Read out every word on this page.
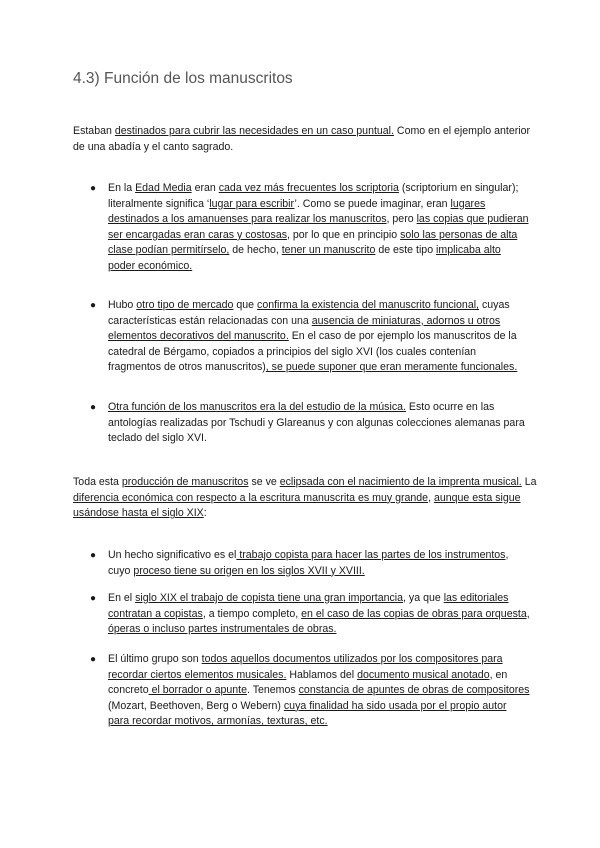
4.3) Función de los manuscritos

Estaban destinados para cubrir las necesidades en un caso puntual. Como en el ejemplo anterior de una abadía y el canto sagrado.

● En la Edad Media eran cada vez más frecuentes los scriptoria (scriptorium en singular); literalmente significa ‘lugar para escribir’. Como se puede imaginar, eran lugares destinados a los amanuenses para realizar los manuscritos, pero las copias que pudieran ser encargadas eran caras y costosas, por lo que en principio solo las personas de alta clase podían permitírselo, de hecho, tener un manuscrito de este tipo implicaba alto poder económico.
● Hubo otro tipo de mercado que confirma la existencia del manuscrito funcional, cuyas características están relacionadas con una ausencia de miniaturas, adornos u otros elementos decorativos del manuscrito. En el caso de por ejemplo los manuscritos de la catedral de Bérgamo, copiados a principios del siglo XVI (los cuales contenían fragmentos de otros manuscritos), se puede suponer que eran meramente funcionales.
● Otra función de los manuscritos era la del estudio de la música. Esto ocurre en las antologías realizadas por Tschudi y Glareanus y con algunas colecciones alemanas para teclado del siglo XVI.

Toda esta producción de manuscritos se ve eclipsada con el nacimiento de la imprenta musical. La diferencia económica con respecto a la escritura manuscrita es muy grande, aunque esta sigue usándose hasta el siglo XIX:

● Un hecho significativo es el trabajo copista para hacer las partes de los instrumentos, cuyo proceso tiene su origen en los siglos XVII y XVIII.
● En el siglo XIX el trabajo de copista tiene una gran importancia, ya que las editoriales contratan a copistas, a tiempo completo, en el caso de las copias de obras para orquesta, óperas o incluso partes instrumentales de obras.
● El último grupo son todos aquellos documentos utilizados por los compositores para recordar ciertos elementos musicales. Hablamos del documento musical anotado, en concreto el borrador o apunte. Tenemos constancia de apuntes de obras de compositores (Mozart, Beethoven, Berg o Webern) cuya finalidad ha sido usada por el propio autor para recordar motivos, armonías, texturas, etc.
